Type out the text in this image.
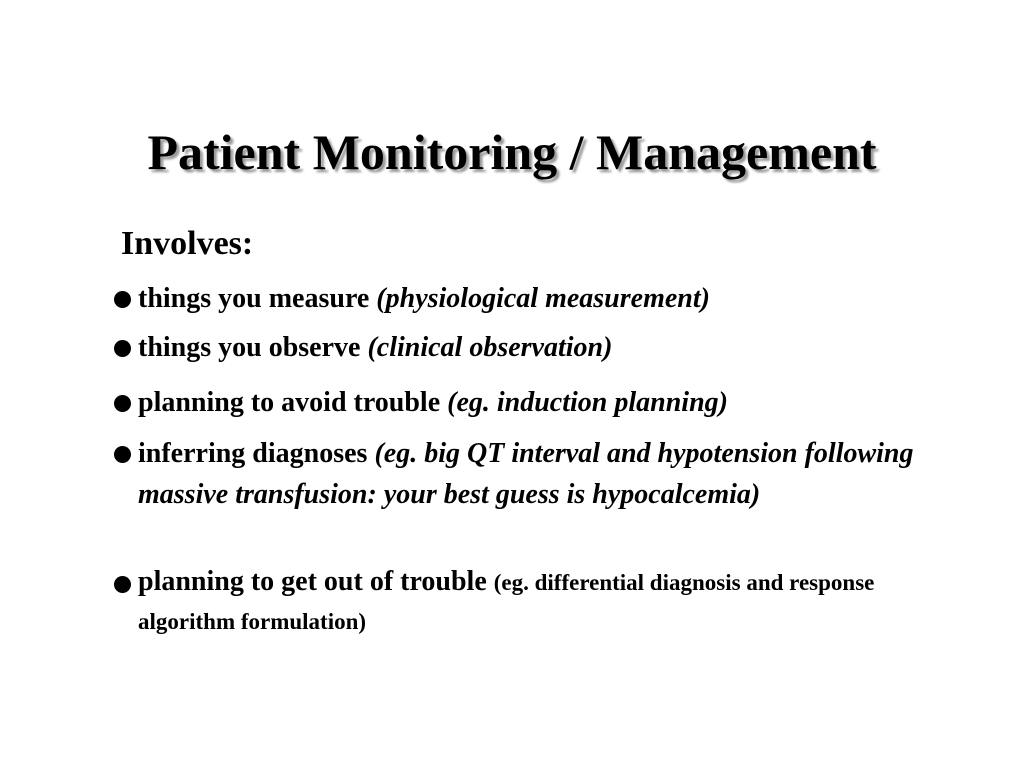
Patient Monitoring / Management
Involves:
things you measure (physiological measurement)
things you observe (clinical observation)
planning to avoid trouble (eg. induction planning)
inferring diagnoses (eg. big QT interval and hypotension following massive transfusion: your best guess is hypocalcemia)
planning to get out of trouble (eg. differential diagnosis and response algorithm formulation)
